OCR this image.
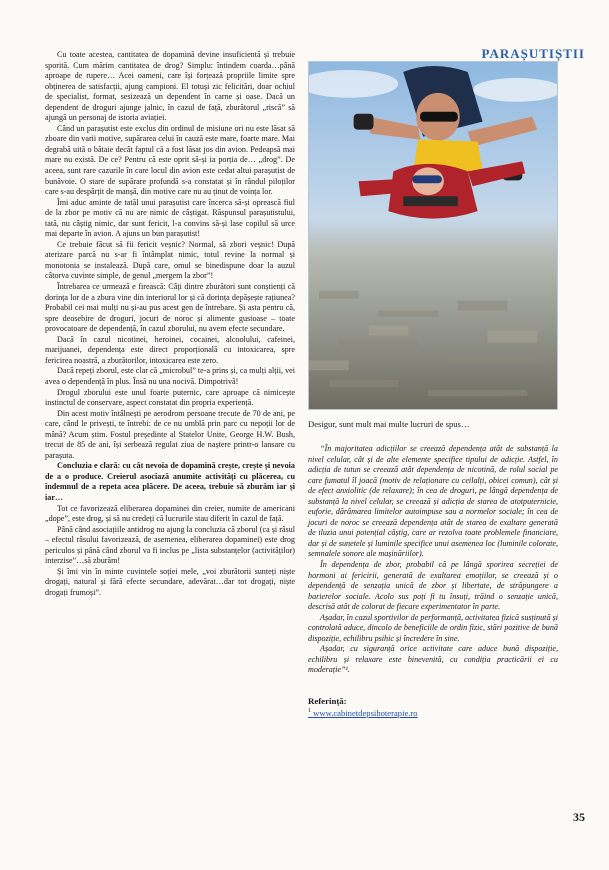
PARAȘUTIȘTII

Cu toate acestea, cantitatea de dopamină devine insuficientă și trebuie sporită. Cum mărim cantitatea de drog? Simplu: întindem coarda…până aproape de rupere… Acei oameni, care își forțează propriile limite spre obținerea de satisfacții, ajung campioni. El totuși zic felicitări, doar ochiul de specialist, format, sesizează un dependent în carne și oase. Dacă un dependent de droguri ajunge jalnic, în cazul de față, zburătorul „riscă” să ajungă un personaj de istoria aviației.

Când un parașutist este exclus din ordinul de misiune ori nu este lăsat să zboare din varii motive, supărarea celui în cauză este mare, foarte mare. Mai degrabă uită o bătaie decât faptul că a fost lăsat jos din avion. Pedeapsă mai mare nu există. De ce? Pentru că este oprit să-și ia porția de… „drog”. De aceea, sunt rare cazurile în care locul din avion este cedat altui parașutist de bunăvoie. O stare de supărare profundă s-a constatat și în rândul piloților care s-au despărțit de manșă, din motive care nu au ținut de voința lor.

Îmi aduc aminte de tatăl unui parașutist care încerca să-și oprească fiul de la zbor pe motiv că nu are nimic de câștigat. Răspunsul parașutistului, tată, nu câștig nimic, dar sunt fericit, l-a convins să-și lase copilul să urce mai departe în avion. A ajuns un bun parașutist!

Ce trebuie făcut să fii fericit veșnic? Normal, să zbori veșnic! După aterizare parcă nu s-ar fi întâmplat nimic, totul revine la normal și monotonia se instalează. După care, omul se binedispune doar la auzul câtorva cuvinte simple, de genul „mergem la zbor”!

Întrebarea ce urmează e firească: Câți dintre zburători sunt conștienți că dorința lor de a zbura vine din interiorul lor și că dorința depășește rațiunea? Probabil cei mai mulți nu și-au pus acest gen de întrebare. Și asta pentru că, spre deosebire de droguri, jocuri de noroc și alimente gustoase – toate provocatoare de dependență, în cazul zborului, nu avem efecte secundare.

Dacă în cazul nicotinei, heroinei, cocainei, alcoolului, cafeinei, marijuanei, dependența este direct proporțională cu intoxicarea, spre fericirea noastră, a zburătorilor, intoxicarea este zero.

Dacă repeți zborul, este clar că „microbul” te-a prins și, ca mulți alții, vei avea o dependență în plus. Însă nu una nocivă. Dimpotrivă!

Drogul zborului este unul foarte puternic, care aproape că nimicește instinctul de conservare, aspect constatat din propria experiență.

Din acest motiv întâlnești pe aerodrom persoane trecute de 70 de ani, pe care, când le privești, te întrebi: de ce nu umblă prin parc cu nepoții lor de mână? Acum știm. Fostul președinte al Statelor Unite, George H.W. Bush, trecut de 85 de ani, își serbează regulat ziua de naștere printr-o lansare cu parașuta.

Concluzia e clară: cu cât nevoia de dopamină crește, crește și nevoia de a o produce. Creierul asociază anumite activități cu plăcerea, cu îndemnul de a repeta acea plăcere. De aceea, trebuie să zburăm iar și iar…

Tot ce favorizează eliberarea dopaminei din creier, numite de americani „dope”, este drog, și să nu credeți că lucrurile stau diferit în cazul de față.

Până când asociațiile antidrog nu ajung la concluzia că zborul (ca și râsul – efectul râsului favorizează, de asemenea, eliberarea dopaminei) este drog periculos și până când zborul va fi inclus pe „lista substanțelor (activităților) interzise”…să zburăm!

Și îmi vin în minte cuvintele soției mele, „voi zburătorii sunteți niște drogați, natural și fără efecte secundare, adevărat…dar tot drogați, niște drogați frumoși”.

Desigur, sunt mult mai multe lucruri de spus…

“În majoritatea adicțiilor se creează dependența atât de substanță la nivel celular, cât și de alte elemente specifice tipului de adicție. Astfel, în adicția de tutun se creează atât dependența de nicotină, de rolul social pe care fumatul îl joacă (motiv de relaționare cu ceilalți, obicei comun), cât și de efect anxiolitic (de relaxare); în cea de droguri, pe lângă dependența de substanță la nivel celular, se creează și adicția de starea de atotputernicie, euforie, dărâmarea limitelor autoimpuse sau a normelor sociale; în cea de jocuri de noroc se creează dependența atât de starea de exaltare generată de iluzia unui potențial câștig, care ar rezolva toate problemele financiare, dar și de sunetele și luminile specifice unui asemenea loc (luminile colorate, semnalele sonore ale mașinăriilor).

În dependența de zbor, probabil că pe lângă sporirea secreției de hormoni ai fericirii, generată de exaltarea emoțiilor, se creează și o dependență de senzația unică de zbor și libertate, de străpungere a barierelor sociale. Acolo sus poți fi tu însuți, trăind o senzație unică, descrisă atât de colorat de fiecare experimentator în parte.

Așadar, în cazul sportivilor de performanță, activitatea fizică susținută și controlată aduce, dincolo de beneficiile de ordin fizic, stări pozitive de bună dispoziție, echilibru psihic și încredere în sine.

Așadar, cu siguranță orice activitate care aduce bună dispoziție, echilibru și relaxare este binevenită, cu condiția practicării ei cu moderație”¹.

Referință:
$^1$ www.cabinetdepsihoterapie.ro
35
